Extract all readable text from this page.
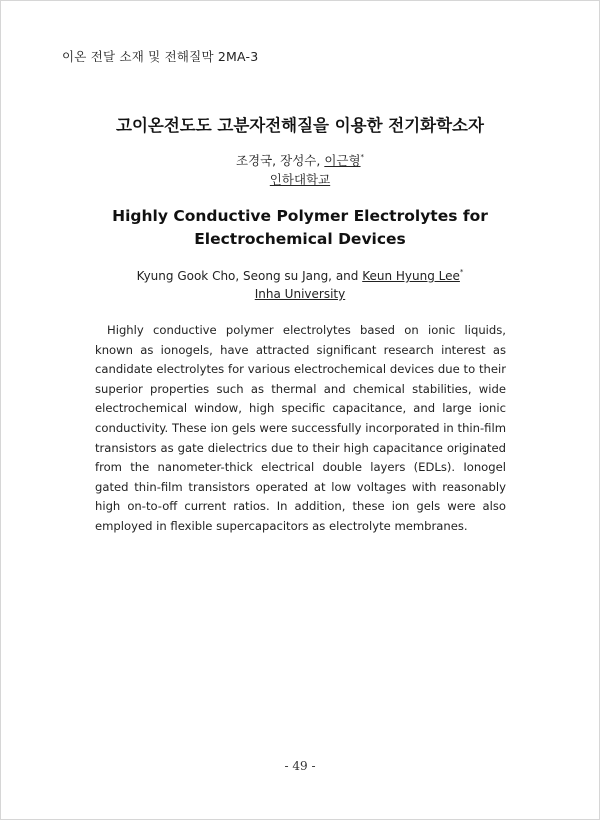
이온 전달 소재 및 전해질막 2MA-3
고이온전도도 고분자전해질을 이용한 전기화학소자
조경국, 장성수, 이근형*
인하대학교
Highly Conductive Polymer Electrolytes for Electrochemical Devices
Kyung Gook Cho, Seong su Jang, and Keun Hyung Lee*
Inha University
Highly conductive polymer electrolytes based on ionic liquids, known as ionogels, have attracted significant research interest as candidate electrolytes for various electrochemical devices due to their superior properties such as thermal and chemical stabilities, wide electrochemical window, high specific capacitance, and large ionic conductivity. These ion gels were successfully incorporated in thin-film transistors as gate dielectrics due to their high capacitance originated from the nanometer-thick electrical double layers (EDLs). Ionogel gated thin-film transistors operated at low voltages with reasonably high on-to-off current ratios. In addition, these ion gels were also employed in flexible supercapacitors as electrolyte membranes.
- 49 -
